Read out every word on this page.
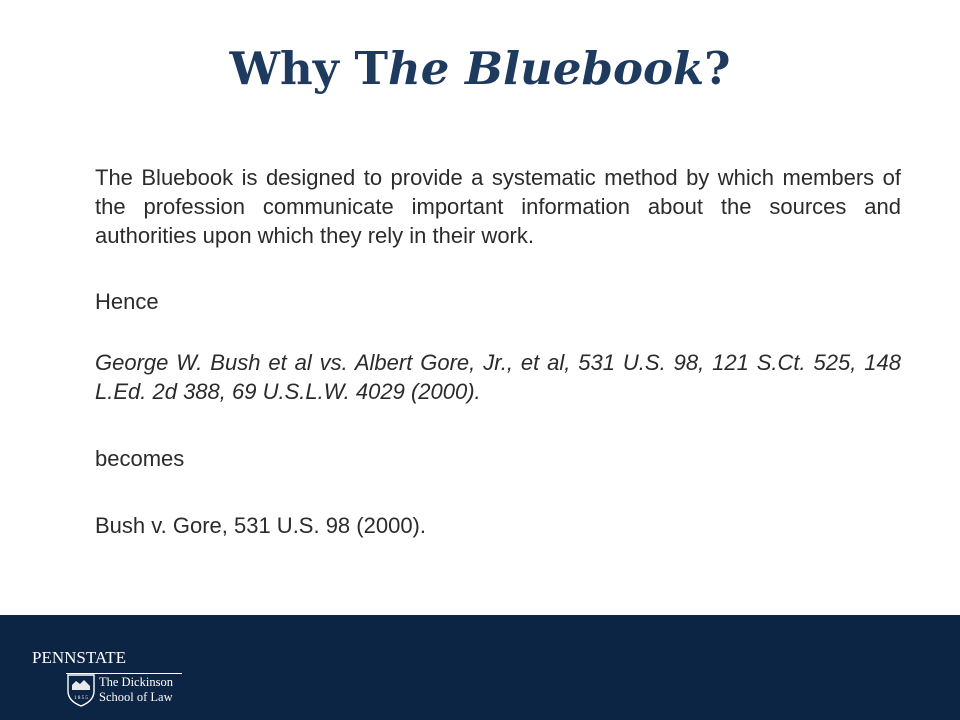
Why The Bluebook?

The Bluebook is designed to provide a systematic method by which members of the profession communicate important information about the sources and authorities upon which they rely in their work.

Hence

George W. Bush et al vs. Albert Gore, Jr., et al, 531 U.S. 98, 121 S.Ct. 525, 148 L.Ed. 2d 388, 69 U.S.L.W. 4029 (2000).

becomes

Bush v. Gore, 531 U.S. 98 (2000).

PENNSTATE
1 8 5 5
The Dickinson
School of Law
